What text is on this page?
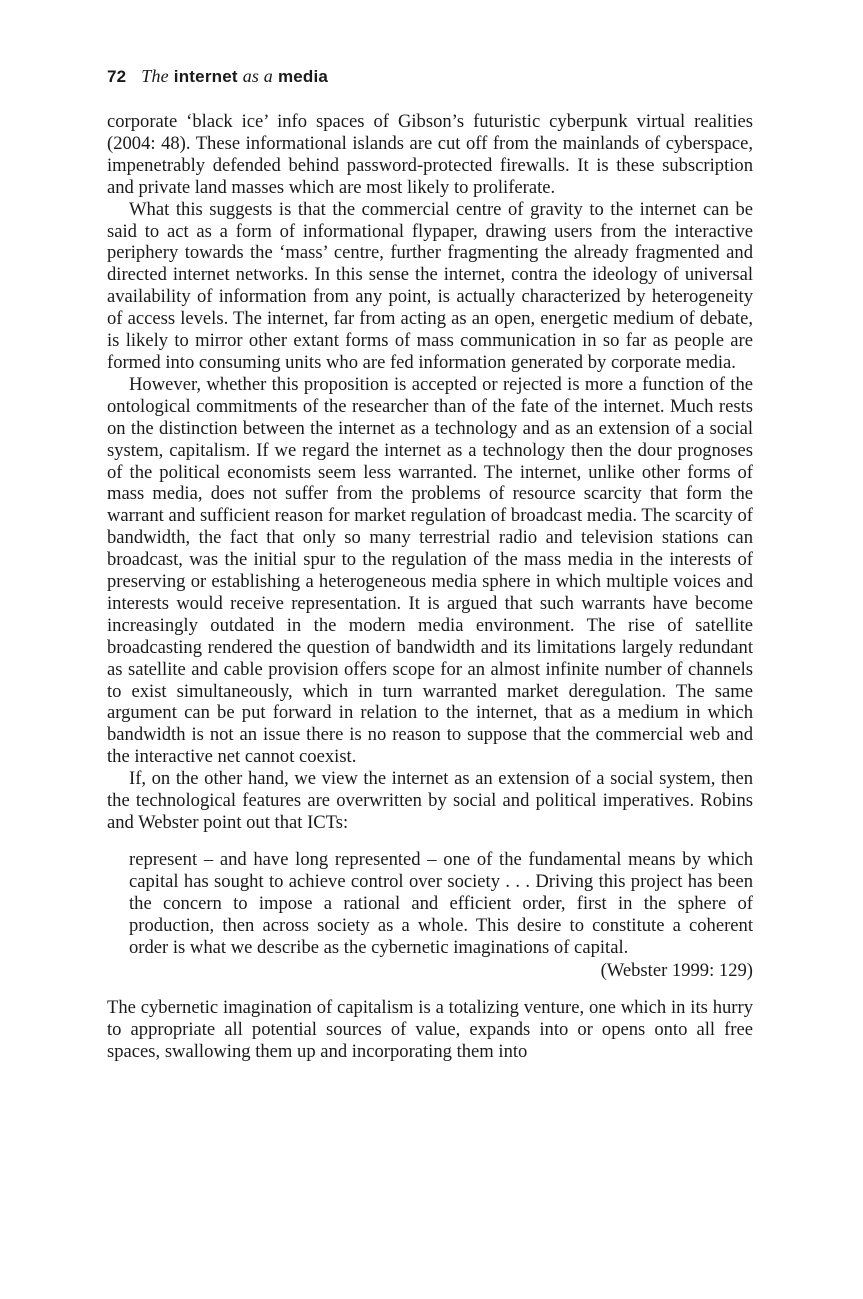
72 The internet as a media

corporate ‘black ice’ info spaces of Gibson’s futuristic cyberpunk virtual realities (2004: 48). These informational islands are cut off from the mainlands of cyberspace, impenetrably defended behind password-protected firewalls. It is these subscription and private land masses which are most likely to proliferate.

What this suggests is that the commercial centre of gravity to the internet can be said to act as a form of informational flypaper, drawing users from the interactive periphery towards the ‘mass’ centre, further fragmenting the already fragmented and directed internet networks. In this sense the internet, contra the ideology of universal availability of information from any point, is actually characterized by heterogeneity of access levels. The internet, far from acting as an open, energetic medium of debate, is likely to mirror other extant forms of mass communication in so far as people are formed into consuming units who are fed information generated by corporate media.

However, whether this proposition is accepted or rejected is more a function of the ontological commitments of the researcher than of the fate of the internet. Much rests on the distinction between the internet as a technology and as an extension of a social system, capitalism. If we regard the internet as a technology then the dour prognoses of the political economists seem less warranted. The internet, unlike other forms of mass media, does not suffer from the problems of resource scarcity that form the warrant and sufficient reason for market regulation of broadcast media. The scarcity of bandwidth, the fact that only so many terrestrial radio and television stations can broadcast, was the initial spur to the regulation of the mass media in the interests of preserving or establishing a heterogeneous media sphere in which multiple voices and interests would receive representation. It is argued that such warrants have become increasingly outdated in the modern media environment. The rise of satellite broadcasting rendered the question of bandwidth and its limitations largely redundant as satellite and cable provision offers scope for an almost infinite number of channels to exist simultaneously, which in turn warranted market deregulation. The same argument can be put forward in relation to the internet, that as a medium in which bandwidth is not an issue there is no reason to suppose that the commercial web and the interactive net cannot coexist.

If, on the other hand, we view the internet as an extension of a social system, then the technological features are overwritten by social and political imperatives. Robins and Webster point out that ICTs:

represent – and have long represented – one of the fundamental means by which capital has sought to achieve control over society . . . Driving this project has been the concern to impose a rational and efficient order, first in the sphere of production, then across society as a whole. This desire to constitute a coherent order is what we describe as the cybernetic imaginations of capital.

(Webster 1999: 129)

The cybernetic imagination of capitalism is a totalizing venture, one which in its hurry to appropriate all potential sources of value, expands into or opens onto all free spaces, swallowing them up and incorporating them into
